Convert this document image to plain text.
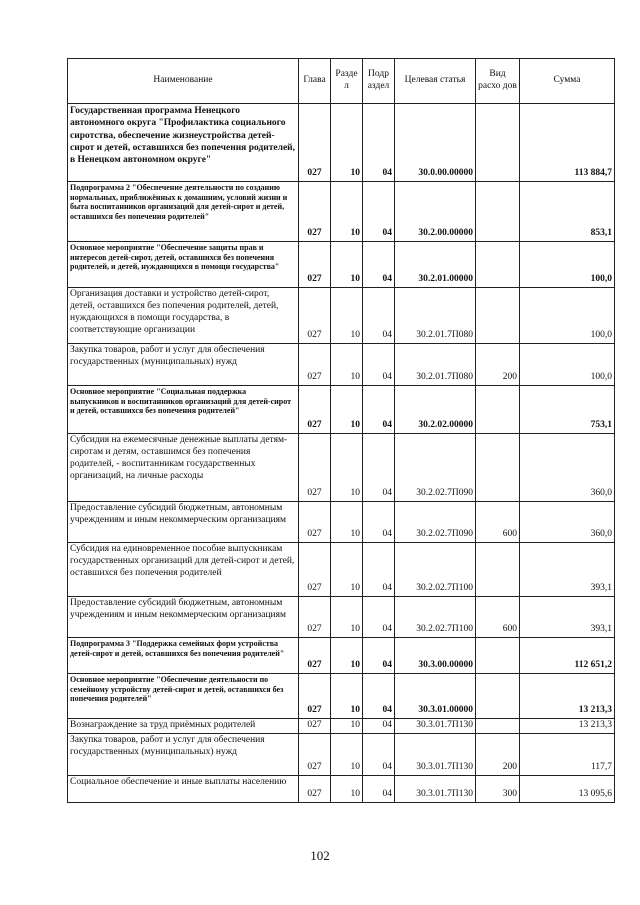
Наименование	Глава	Разде л	Подр аздел	Целевая статья	Вид расхо дов	Сумма
Государственная программа Ненецкого автономного округа "Профилактика социального сиротства, обеспечение жизнеустройства детей-сирот и детей, оставшихся без попечения родителей, в Ненецком автономном округе"	027	10	04	30.0.00.00000		113 884,7
Подпрограмма 2 "Обеспечение деятельности по созданию нормальных, приближённых к домашним, условий жизни и быта воспитанников организаций для детей-сирот и детей, оставшихся без попечения родителей"	027	10	04	30.2.00.00000		853,1
Основное мероприятие "Обеспечение защиты прав и интересов детей-сирот, детей, оставшихся без попечения родителей, и детей, нуждающихся в помощи государства"	027	10	04	30.2.01.00000		100,0
Организация доставки и устройство детей-сирот, детей, оставшихся без попечения родителей, детей, нуждающихся в помощи государства, в соответствующие организации	027	10	04	30.2.01.7П080		100,0
Закупка товаров, работ и услуг для обеспечения государственных (муниципальных) нужд	027	10	04	30.2.01.7П080	200	100,0
Основное мероприятие "Социальная поддержка выпускников и воспитанников организаций для детей-сирот и детей, оставшихся без попечения родителей"	027	10	04	30.2.02.00000		753,1
Субсидия на ежемесячные денежные выплаты детям-сиротам и детям, оставшимся без попечения родителей, - воспитанникам государственных организаций, на личные расходы	027	10	04	30.2.02.7П090		360,0
Предоставление субсидий бюджетным, автономным учреждениям и иным некоммерческим организациям	027	10	04	30.2.02.7П090	600	360,0
Субсидия на единовременное пособие выпускникам государственных организаций для детей-сирот и детей, оставшихся без попечения родителей	027	10	04	30.2.02.7П100		393,1
Предоставление субсидий бюджетным, автономным учреждениям и иным некоммерческим организациям	027	10	04	30.2.02.7П100	600	393,1
Подпрограмма 3 "Поддержка семейных форм устройства детей-сирот и детей, оставшихся без попечения родителей"	027	10	04	30.3.00.00000		112 651,2
Основное мероприятие "Обеспечение деятельности по семейному устройству детей-сирот и детей, оставшихся без попечения родителей"	027	10	04	30.3.01.00000		13 213,3
Вознаграждение за труд приёмных родителей	027	10	04	30.3.01.7П130		13 213,3
Закупка товаров, работ и услуг для обеспечения государственных (муниципальных) нужд	027	10	04	30.3.01.7П130	200	117,7
Социальное обеспечение и иные выплаты населению	027	10	04	30.3.01.7П130	300	13 095,6
102
